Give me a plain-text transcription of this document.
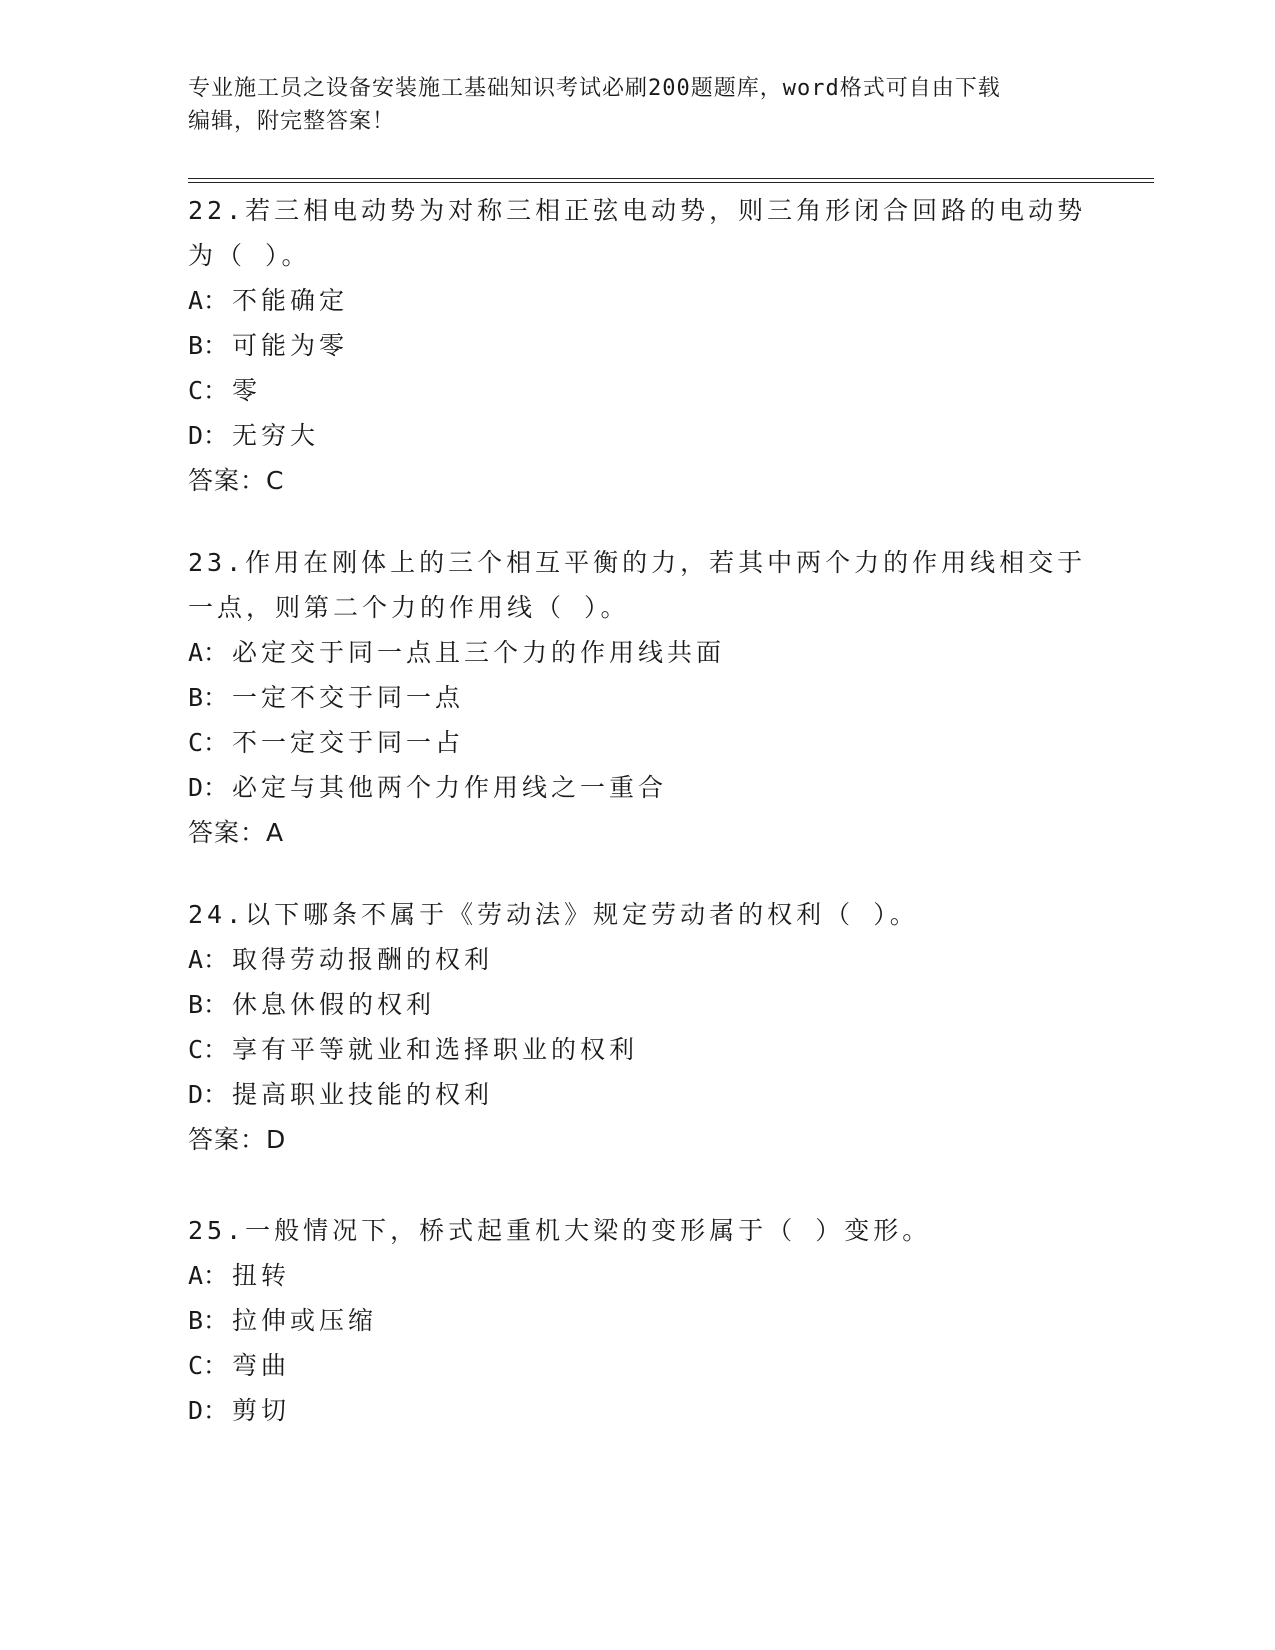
专业施工员之设备安装施工基础知识考试必刷200题题库，word格式可自由下载
编辑，附完整答案！

22.若三相电动势为对称三相正弦电动势，则三角形闭合回路的电动势为（ ）。

A： 不能确定

B： 可能为零

C： 零

D： 无穷大

答案：C

23.作用在刚体上的三个相互平衡的力，若其中两个力的作用线相交于一点，则第二个力的作用线（ ）。

A： 必定交于同一点且三个力的作用线共面

B： 一定不交于同一点

C： 不一定交于同一占

D： 必定与其他两个力作用线之一重合

答案：A

24.以下哪条不属于《劳动法》规定劳动者的权利（ ）。

A： 取得劳动报酬的权利

B： 休息休假的权利

C： 享有平等就业和选择职业的权利

D： 提高职业技能的权利

答案：D

25.一般情况下，桥式起重机大梁的变形属于（ ）变形。

A： 扭转

B： 拉伸或压缩

C： 弯曲

D： 剪切
